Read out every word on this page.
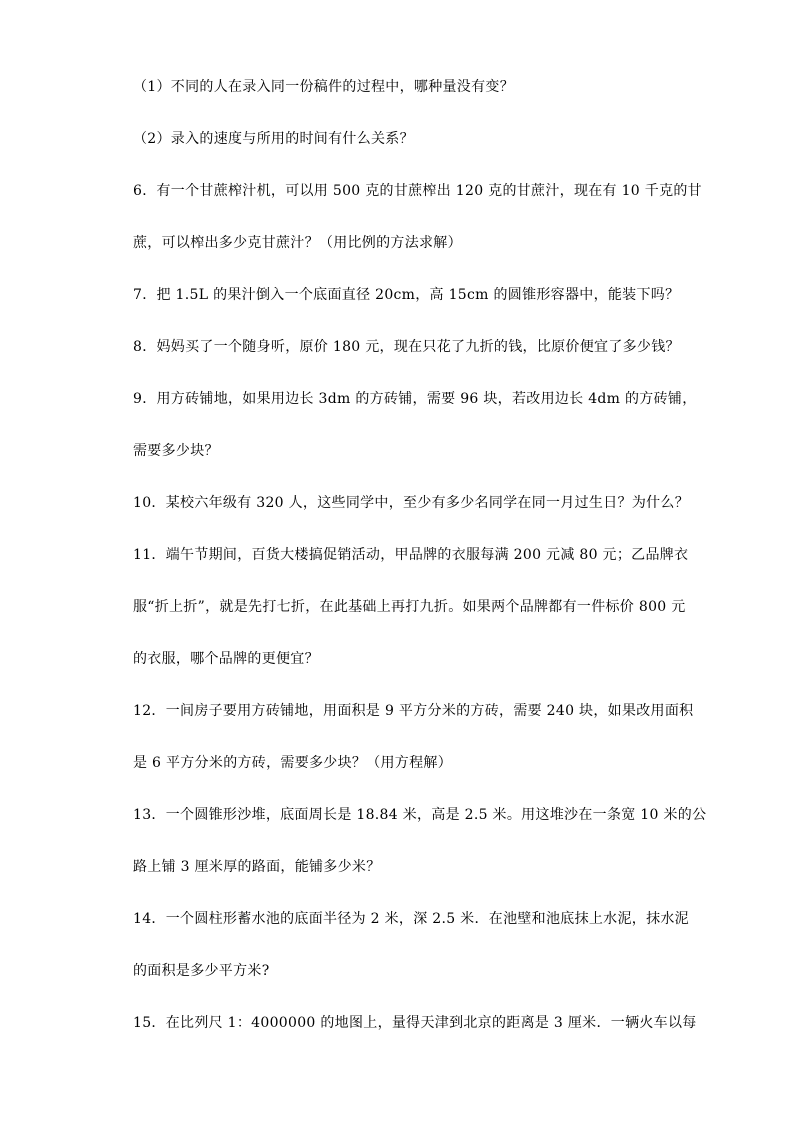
（1）不同的人在录入同一份稿件的过程中，哪种量没有变？
（2）录入的速度与所用的时间有什么关系？
6．有一个甘蔗榨汁机，可以用 500 克的甘蔗榨出 120 克的甘蔗汁，现在有 10 千克的甘
蔗，可以榨出多少克甘蔗汁？（用比例的方法求解）
7．把 1.5L 的果汁倒入一个底面直径 20cm，高 15cm 的圆锥形容器中，能装下吗？
8．妈妈买了一个随身听，原价 180 元，现在只花了九折的钱，比原价便宜了多少钱？
9．用方砖铺地，如果用边长 3dm 的方砖铺，需要 96 块，若改用边长 4dm 的方砖铺，
需要多少块？
10．某校六年级有 320 人，这些同学中，至少有多少名同学在同一月过生日？为什么？
11．端午节期间，百货大楼搞促销活动，甲品牌的衣服每满 200 元减 80 元；乙品牌衣
服“折上折”，就是先打七折，在此基础上再打九折。如果两个品牌都有一件标价 800 元
的衣服，哪个品牌的更便宜？
12．一间房子要用方砖铺地，用面积是 9 平方分米的方砖，需要 240 块，如果改用面积
是 6 平方分米的方砖，需要多少块？（用方程解）
13．一个圆锥形沙堆，底面周长是 18.84 米，高是 2.5 米。用这堆沙在一条宽 10 米的公
路上铺 3 厘米厚的路面，能铺多少米？
14．一个圆柱形蓄水池的底面半径为 2 米，深 2.5 米．在池壁和池底抹上水泥，抹水泥
的面积是多少平方米?
15．在比列尺 1：4000000 的地图上，量得天津到北京的距离是 3 厘米．一辆火车以每
